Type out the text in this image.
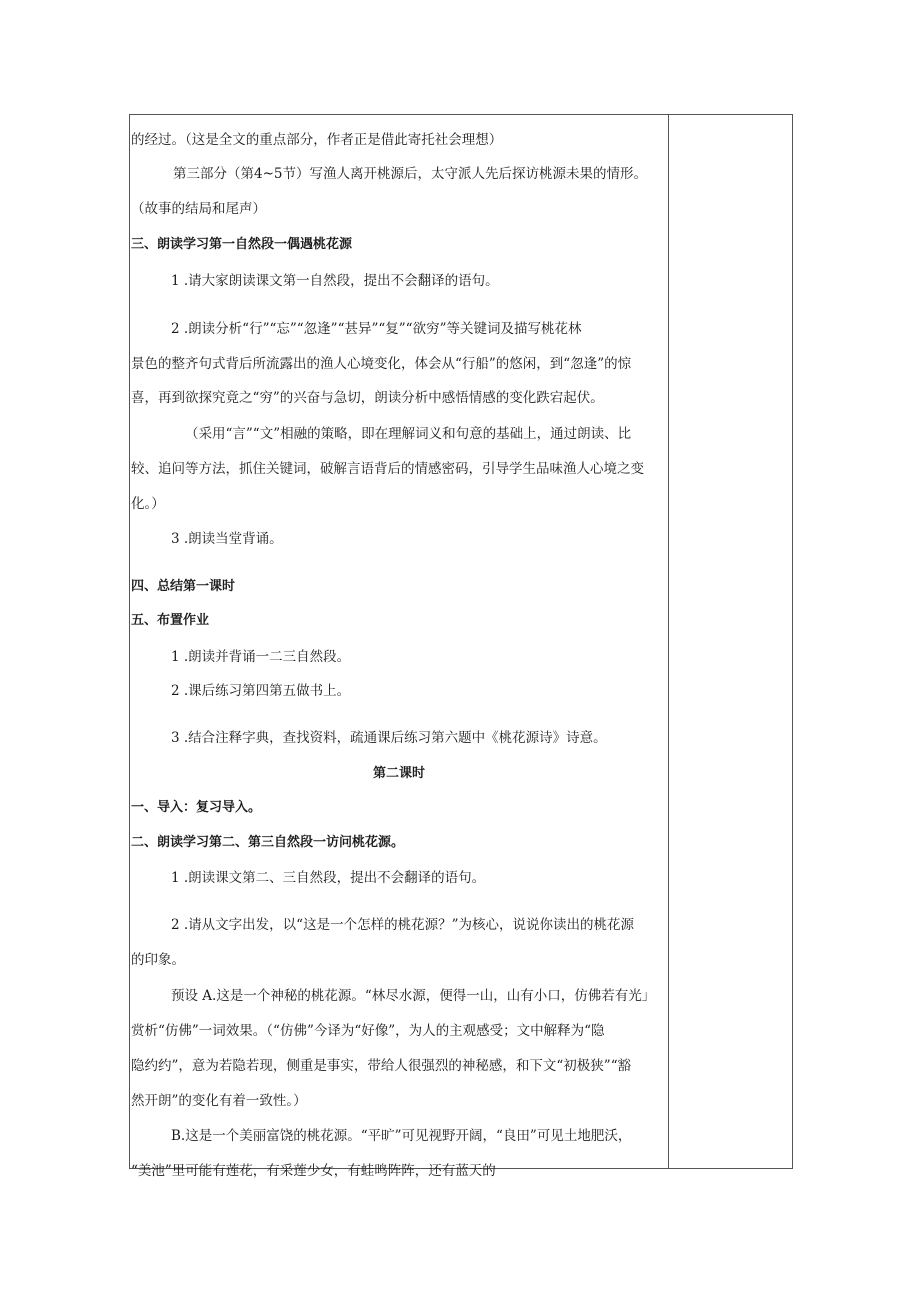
的经过。（这是全文的重点部分，作者正是借此寄托社会理想）
第三部分（第4~5节）写渔人离开桃源后，太守派人先后探访桃源未果的情形。
（故事的结局和尾声）
三、朗读学习第一自然段一偶遇桃花源
1 .请大家朗读课文第一自然段，提出不会翻译的语句。
2 .朗读分析“行”“忘”“忽逢”“甚异”“复”“欲穷”等关键词及描写桃花林
景色的整齐句式背后所流露出的渔人心境变化，体会从“行船”的悠闲，到“忽逢”的惊
喜，再到欲探究竟之“穷”的兴奋与急切，朗读分析中感悟情感的变化跌宕起伏。
（采用“言”“文”相融的策略，即在理解词义和句意的基础上，通过朗读、比
较、追问等方法，抓住关键词，破解言语背后的情感密码，引导学生品味渔人心境之变
化。）
3 .朗读当堂背诵。
四、总结第一课时
五、布置作业
1 .朗读并背诵一二三自然段。
2 .课后练习第四第五做书上。
3 .结合注释字典，查找资料，疏通课后练习第六题中《桃花源诗》诗意。
第二课时
一、导入：复习导入。
二、朗读学习第二、第三自然段一访问桃花源。
1 .朗读课文第二、三自然段，提出不会翻译的语句。
2 .请从文字出发，以“这是一个怎样的桃花源？”为核心，说说你读出的桃花源
的印象。
预设 A.这是一个神秘的桃花源。“林尽水源，便得一山，山有小口，仿佛若有光」
赏析“仿佛”一词效果。（“仿佛”今译为“好像”，为人的主观感受；文中解释为“隐
隐约约”，意为若隐若现，侧重是事实，带给人很强烈的神秘感，和下文“初极狭”“豁
然开朗”的变化有着一致性。）
B.这是一个美丽富饶的桃花源。“平旷”可见视野开阔，“良田”可见土地肥沃，
“美池”里可能有莲花，有采莲少女，有蛙鸣阵阵，还有蓝天的
